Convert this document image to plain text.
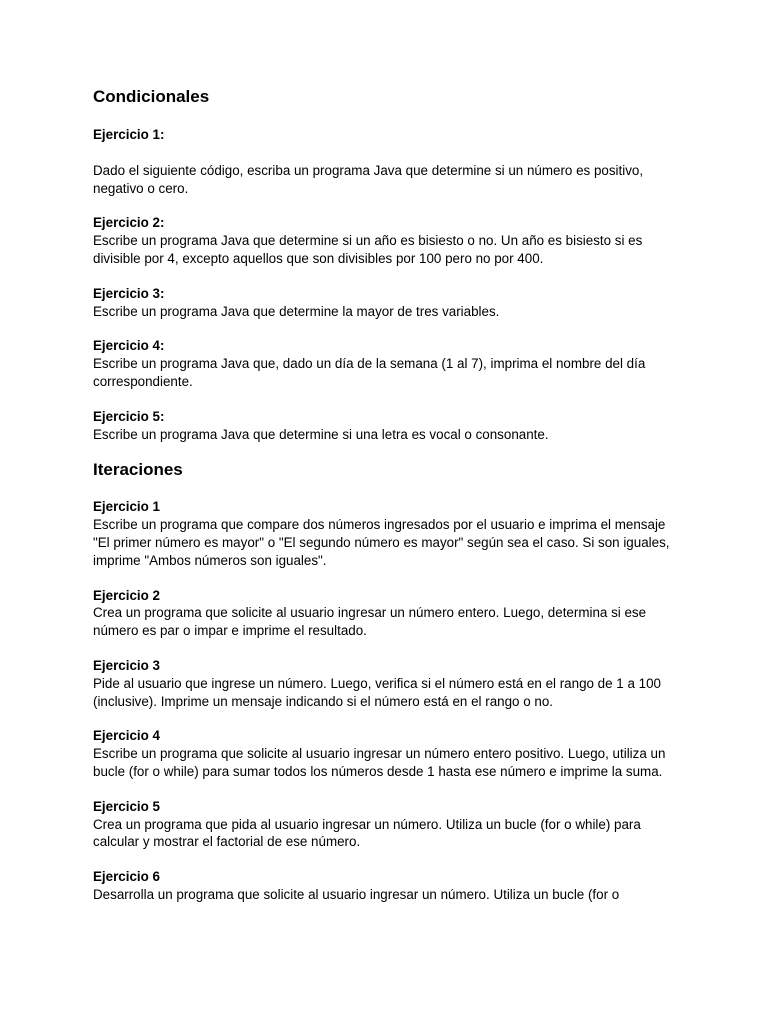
Condicionales
Ejercicio 1:
Dado el siguiente código, escriba un programa Java que determine si un número es positivo, negativo o cero.
Ejercicio 2:
Escribe un programa Java que determine si un año es bisiesto o no. Un año es bisiesto si es divisible por 4, excepto aquellos que son divisibles por 100 pero no por 400.
Ejercicio 3:
Escribe un programa Java que determine la mayor de tres variables.
Ejercicio 4:
Escribe un programa Java que, dado un día de la semana (1 al 7), imprima el nombre del día correspondiente.
Ejercicio 5:
Escribe un programa Java que determine si una letra es vocal o consonante.
Iteraciones
Ejercicio 1
Escribe un programa que compare dos números ingresados por el usuario e imprima el mensaje "El primer número es mayor" o "El segundo número es mayor" según sea el caso. Si son iguales, imprime "Ambos números son iguales".
Ejercicio 2
Crea un programa que solicite al usuario ingresar un número entero. Luego, determina si ese número es par o impar e imprime el resultado.
Ejercicio 3
Pide al usuario que ingrese un número. Luego, verifica si el número está en el rango de 1 a 100 (inclusive). Imprime un mensaje indicando si el número está en el rango o no.
Ejercicio 4
Escribe un programa que solicite al usuario ingresar un número entero positivo. Luego, utiliza un bucle (for o while) para sumar todos los números desde 1 hasta ese número e imprime la suma.
Ejercicio 5
Crea un programa que pida al usuario ingresar un número. Utiliza un bucle (for o while) para calcular y mostrar el factorial de ese número.
Ejercicio 6
Desarrolla un programa que solicite al usuario ingresar un número. Utiliza un bucle (for o
